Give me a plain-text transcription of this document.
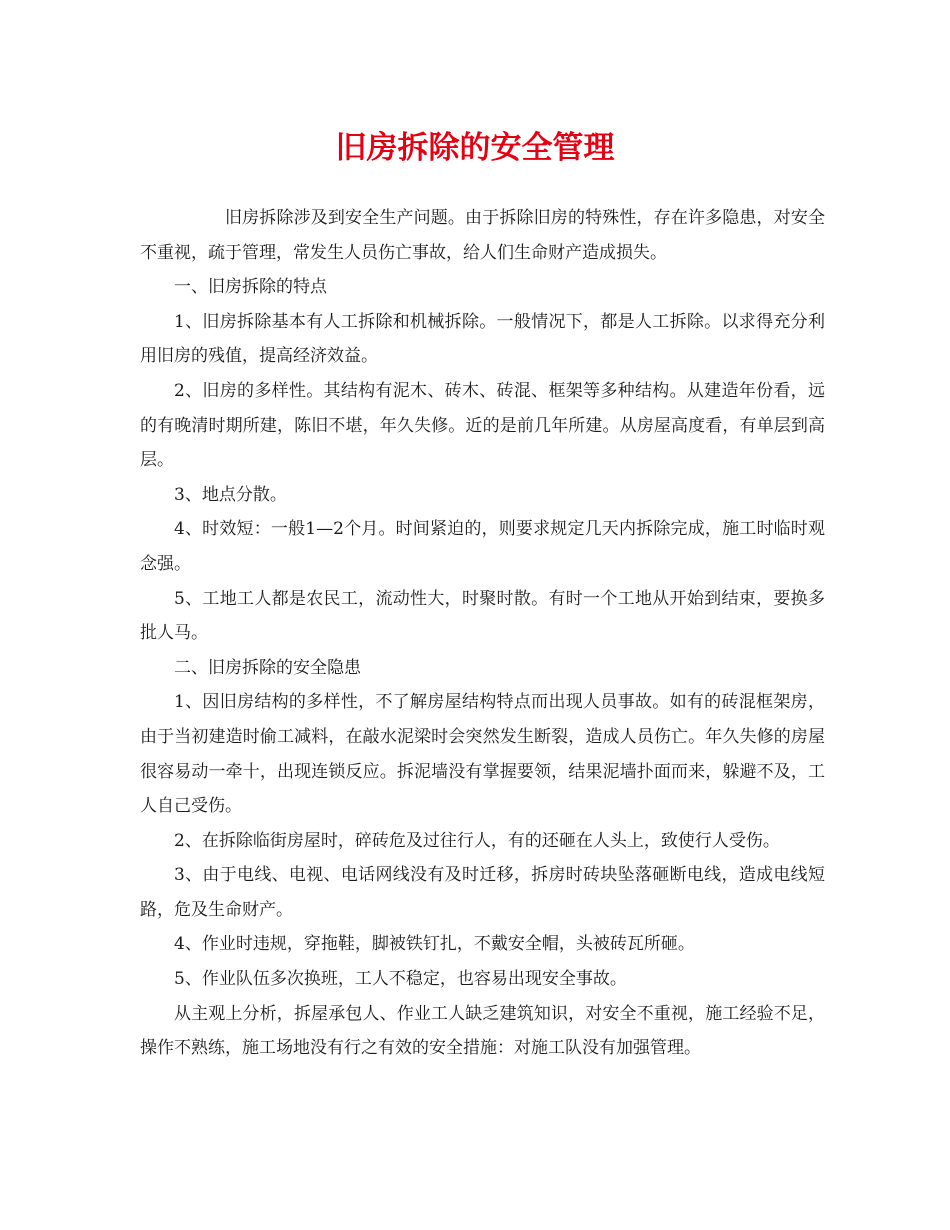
旧房拆除的安全管理

旧房拆除涉及到安全生产问题。由于拆除旧房的特殊性，存在许多隐患，对安全不重视，疏于管理，常发生人员伤亡事故，给人们生命财产造成损失。

一、旧房拆除的特点

1、旧房拆除基本有人工拆除和机械拆除。一般情况下，都是人工拆除。以求得充分利用旧房的残值，提高经济效益。

2、旧房的多样性。其结构有泥木、砖木、砖混、框架等多种结构。从建造年份看，远的有晚清时期所建，陈旧不堪，年久失修。近的是前几年所建。从房屋高度看，有单层到高层。

3、地点分散。

4、时效短：一般1—2个月。时间紧迫的，则要求规定几天内拆除完成，施工时临时观念强。

5、工地工人都是农民工，流动性大，时聚时散。有时一个工地从开始到结束，要换多批人马。

二、旧房拆除的安全隐患

1、因旧房结构的多样性，不了解房屋结构特点而出现人员事故。如有的砖混框架房，由于当初建造时偷工减料，在敲水泥梁时会突然发生断裂，造成人员伤亡。年久失修的房屋很容易动一牵十，出现连锁反应。拆泥墙没有掌握要领，结果泥墙扑面而来，躲避不及，工人自己受伤。

2、在拆除临街房屋时，碎砖危及过往行人，有的还砸在人头上，致使行人受伤。

3、由于电线、电视、电话网线没有及时迁移，拆房时砖块坠落砸断电线，造成电线短路，危及生命财产。

4、作业时违规，穿拖鞋，脚被铁钉扎，不戴安全帽，头被砖瓦所砸。

5、作业队伍多次换班，工人不稳定，也容易出现安全事故。

从主观上分析，拆屋承包人、作业工人缺乏建筑知识，对安全不重视，施工经验不足，操作不熟练，施工场地没有行之有效的安全措施：对施工队没有加强管理。
